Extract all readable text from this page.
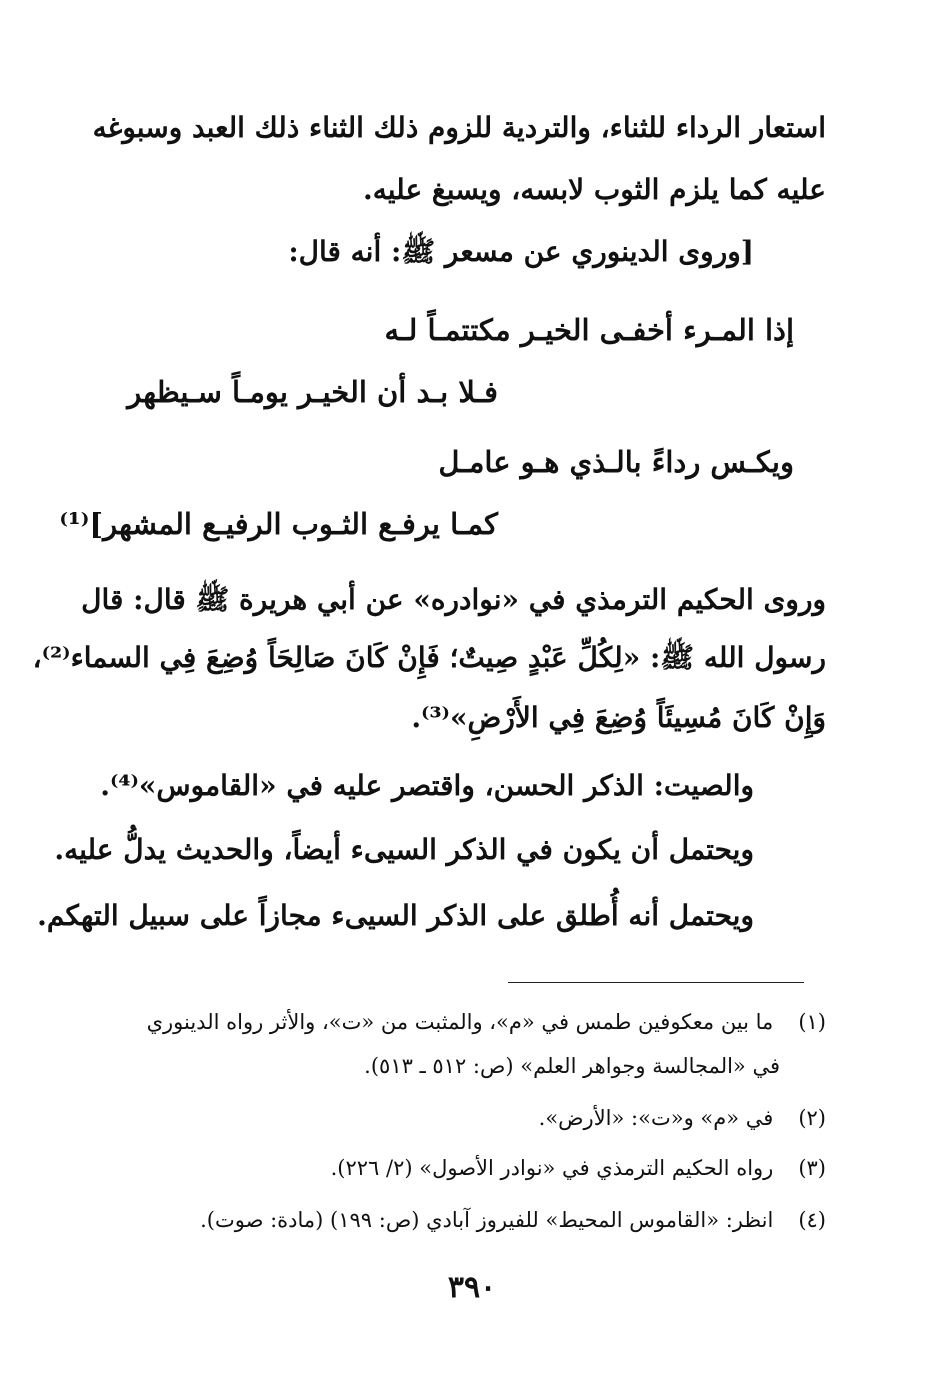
استعار الرداء للثناء، والتردية للزوم ذلك الثناء ذلك العبد وسبوغه
عليه كما يلزم الثوب لابسه، ويسبغ عليه.
[وروى الدينوري عن مسعر ﷺ: أنه قال:
إذا المـرء أخفـى الخيـر مكتتمـاً لـه
فـلا بـد أن الخيـر يومـاً سـيظهر
ويكـس رداءً بالـذي هـو عامـل
كمـا يرفـع الثـوب الرفيـع المشهر]⁽¹⁾
وروى الحكيم الترمذي في «نوادره» عن أبي هريرة ﷺ قال: قال
رسول الله ﷺ: «لِكُلِّ عَبْدٍ صِيتٌ؛ فَإِنْ كَانَ صَالِحَاً وُضِعَ فِي السماء⁽²⁾،
وَإِنْ كَانَ مُسِيئَاً وُضِعَ فِي الأَرْضِ»⁽³⁾.
والصيت: الذكر الحسن، واقتصر عليه في «القاموس»⁽⁴⁾.
ويحتمل أن يكون في الذكر السيىء أيضاً، والحديث يدلُّ عليه.
ويحتمل أنه أُطلق على الذكر السيىء مجازاً على سبيل التهكم.
(١) ما بين معكوفين طمس في «م»، والمثبت من «ت»، والأثر رواه الدينوري
في «المجالسة وجواهر العلم» (ص: ٥١٢ ـ ٥١٣).
(٢) في «م» و«ت»: «الأرض».
(٣) رواه الحكيم الترمذي في «نوادر الأصول» (٢/ ٢٢٦).
(٤) انظر: «القاموس المحيط» للفيروز آبادي (ص: ١٩٩) (مادة: صوت).
٣٩٠
